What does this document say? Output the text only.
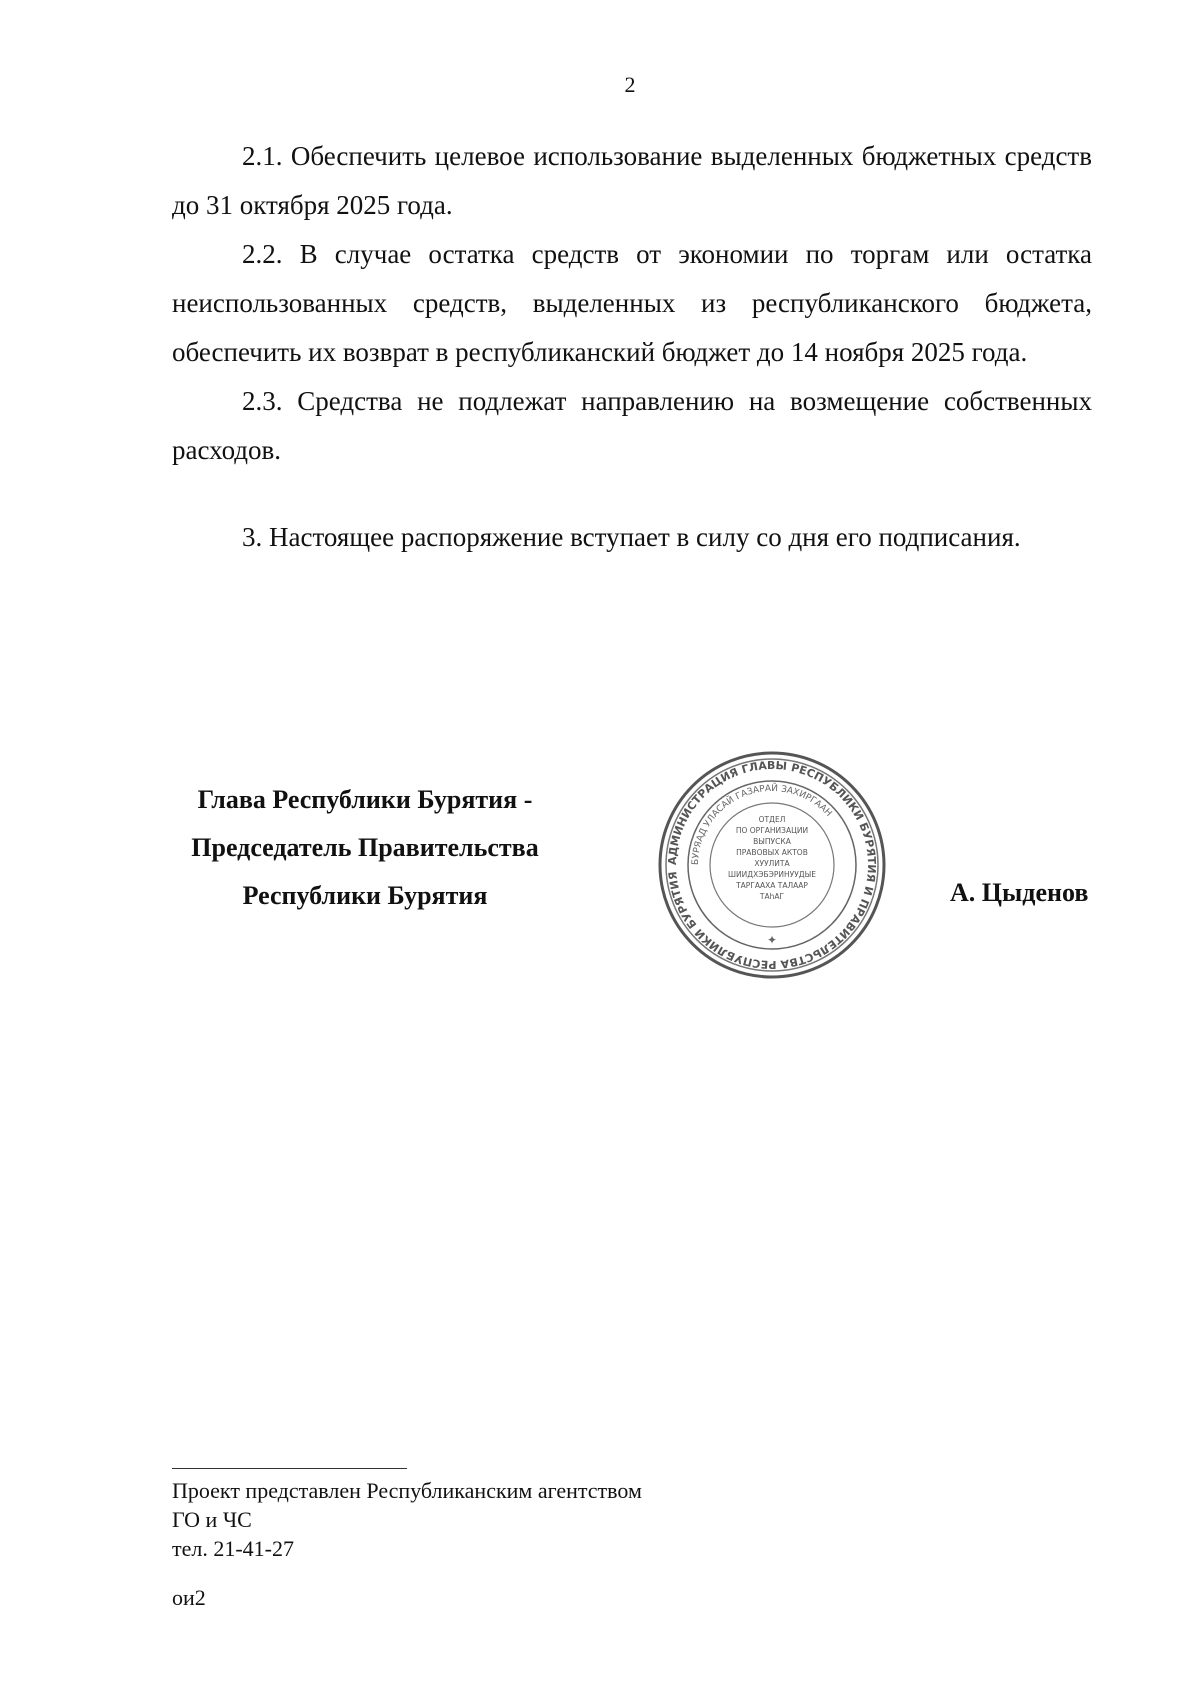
2

2.1. Обеспечить целевое использование выделенных бюджетных средств до 31 октября 2025 года.

2.2. В случае остатка средств от экономии по торгам или остатка неиспользованных средств, выделенных из республиканского бюджета, обеспечить их возврат в республиканский бюджет до 14 ноября 2025 года.

2.3. Средства не подлежат направлению на возмещение собственных расходов.

3. Настоящее распоряжение вступает в силу со дня его подписания.

Глава Республики Бурятия -
Председатель Правительства
Республики Бурятия
АДМИНИСТРАЦИЯ ГЛАВЫ РЕСПУБЛИКИ БУРЯТИЯ И ПРАВИТЕЛЬСТВА РЕСПУБЛИКИ БУРЯТИЯ
БУРЯАД УЛАСАЙ ГАЗАРАЙ ЗАХИРГААН
ОТДЕЛ
ПО ОРГАНИЗАЦИИ
ВЫПУСКА
ПРАВОВЫХ АКТОВ
ХУУЛИТА
ШИИДХЭБЭРИНУУДЫЕ
ТАРГААХА ТАЛААР
ТАһАГ
✦
А. Цыденов
Проект представлен Республиканским агентством
ГО и ЧС
тел. 21-41-27
ои2
